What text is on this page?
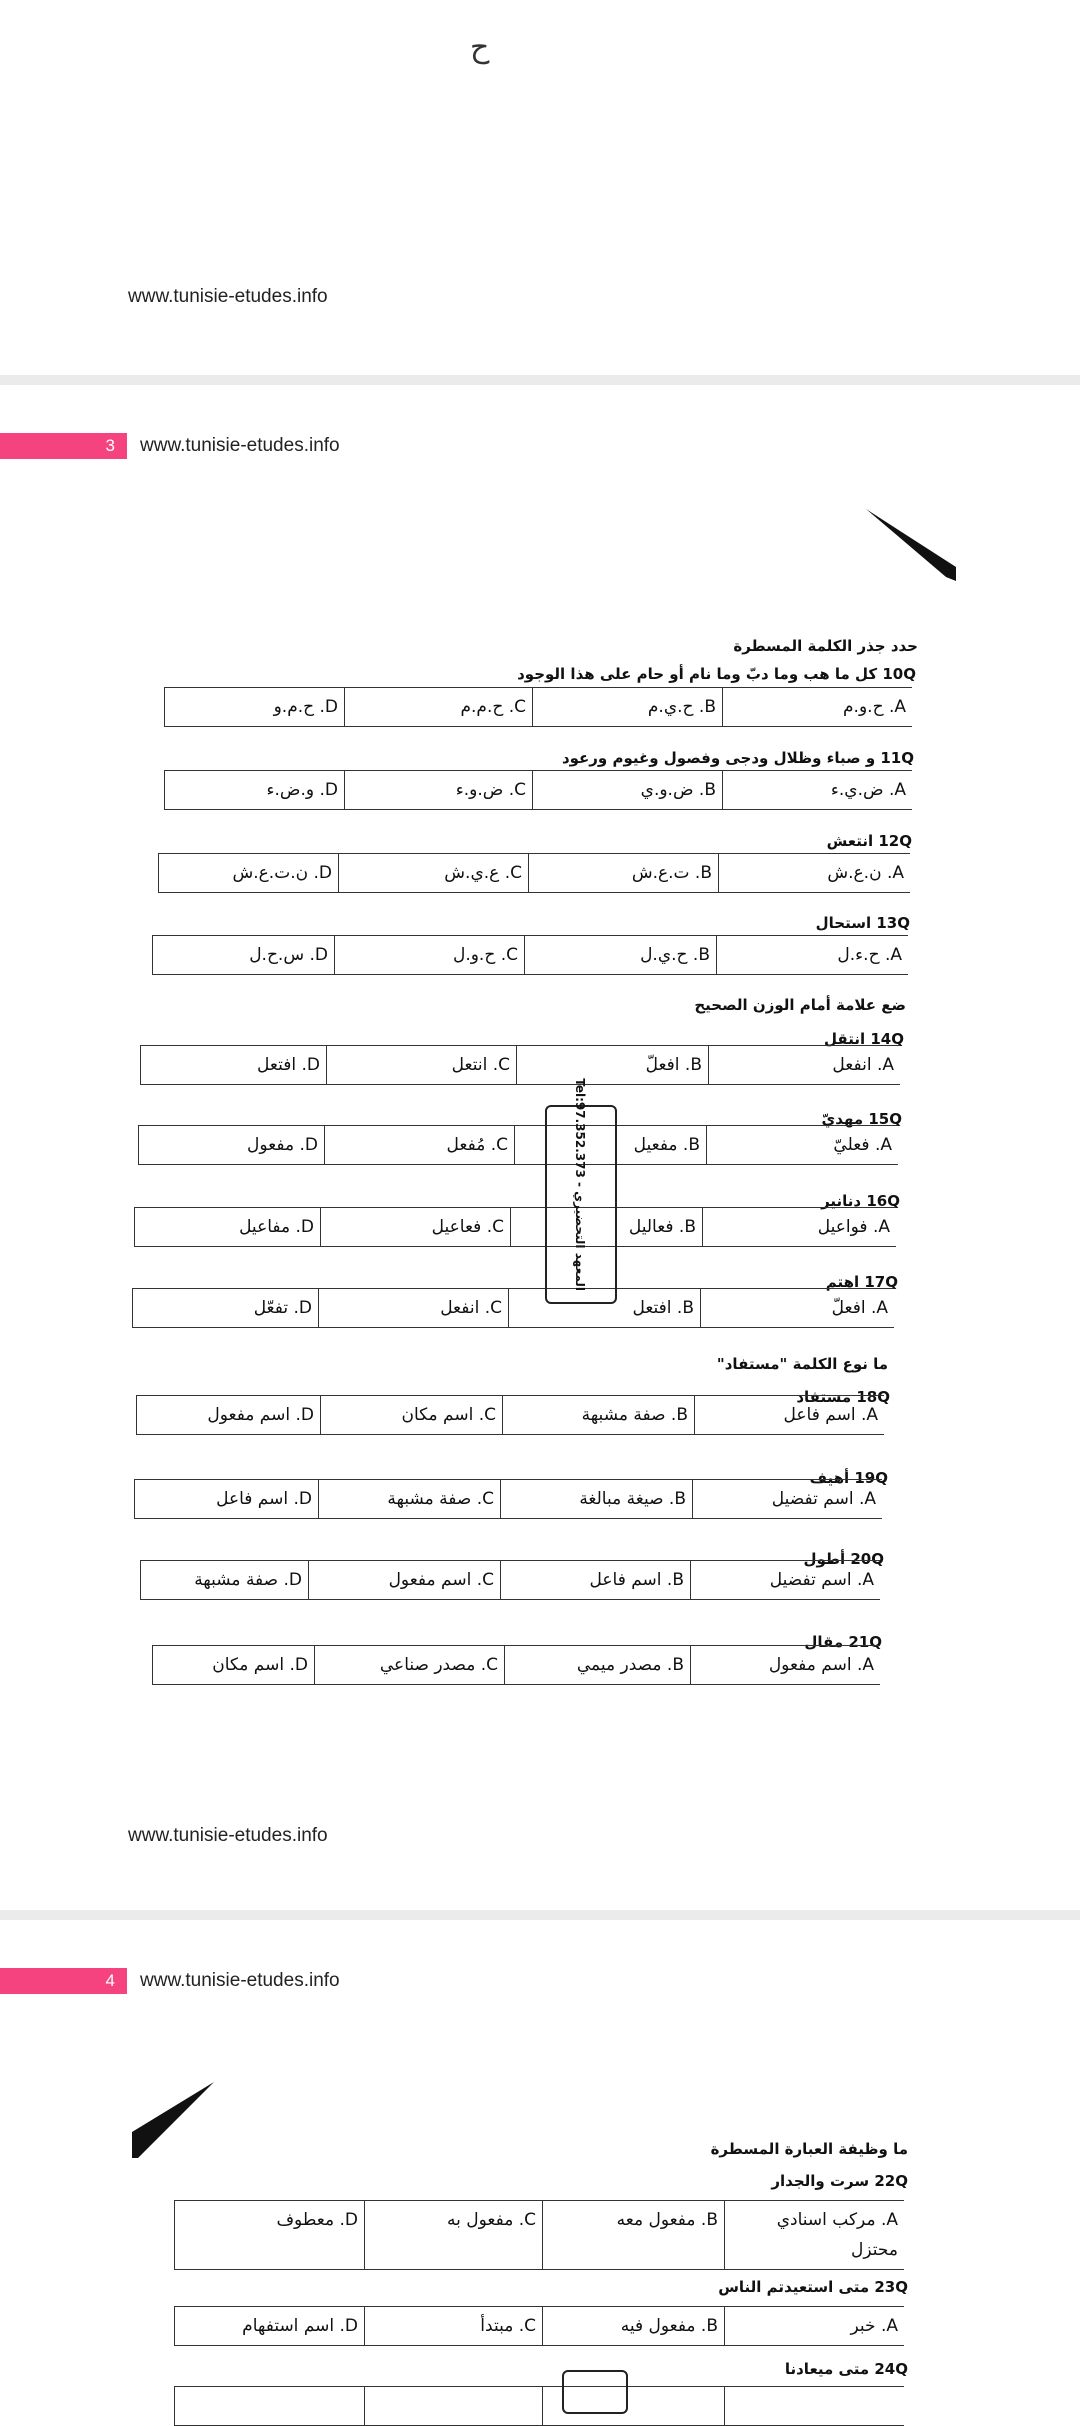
ح
www.tunisie-etudes.info
3	www.tunisie-etudes.info
حدد جذر الكلمة المسطرة
10Q كل ما هب وما دبّ وما نام أو حام على هذا الوجود
A. ح.و.م
B. ح.ي.م
C. ح.م.م
D. ح.م.و
11Q و صباء وظلال ودجى وفصول وغيوم ورعود
A. ض.ي.ء
B. ض.و.ي
C. ض.و.ء
D. و.ض.ء
12Q انتعش
A. ن.ع.ش
B. ت.ع.ش
C. ع.ي.ش
D. ن.ت.ع.ش
13Q استحال
A. ح.ء.ل
B. ح.ي.ل
C. ح.و.ل
D. س.ح.ل
ضع علامة أمام الوزن الصحيح
14Q انتقل
A. انفعل
B. افعلّ
C. انتعل
D. افتعل
15Q مهديّ
A. فعليّ
B. مفعيل
C. مُفعل
D. مفعول
16Q دنانير
A. فواعيل
B. فعاليل
C. فعاعيل
D. مفاعيل
17Q اهتم
A. افعلّ
B. افتعل
C. انفعل
D. تفعّل
ما نوع الكلمة "مستفاد"
18Q مستفاد
A. اسم فاعل
B. صفة مشبهة
C. اسم مكان
D. اسم مفعول
19Q أهيف
A. اسم تفضيل
B. صيغة مبالغة
C. صفة مشبهة
D. اسم فاعل
20Q أطول
A. اسم تفضيل
B. اسم فاعل
C. اسم مفعول
D. صفة مشبهة
21Q مقال
A. اسم مفعول
B. مصدر ميمي
C. مصدر صناعي
D. اسم مكان
المعهد التحضيري - Tel:97.352.373
www.tunisie-etudes.info
4	www.tunisie-etudes.info
ما وظيفة العبارة المسطرة
22Q سرت والجدار
A. مركب اسنادي محتزل
B. مفعول معه
C. مفعول به
D. معطوف
23Q متى استعيدتم الناس
A. خبر
B. مفعول فيه
C. مبتدأ
D. اسم استفهام
24Q متى ميعادنا
